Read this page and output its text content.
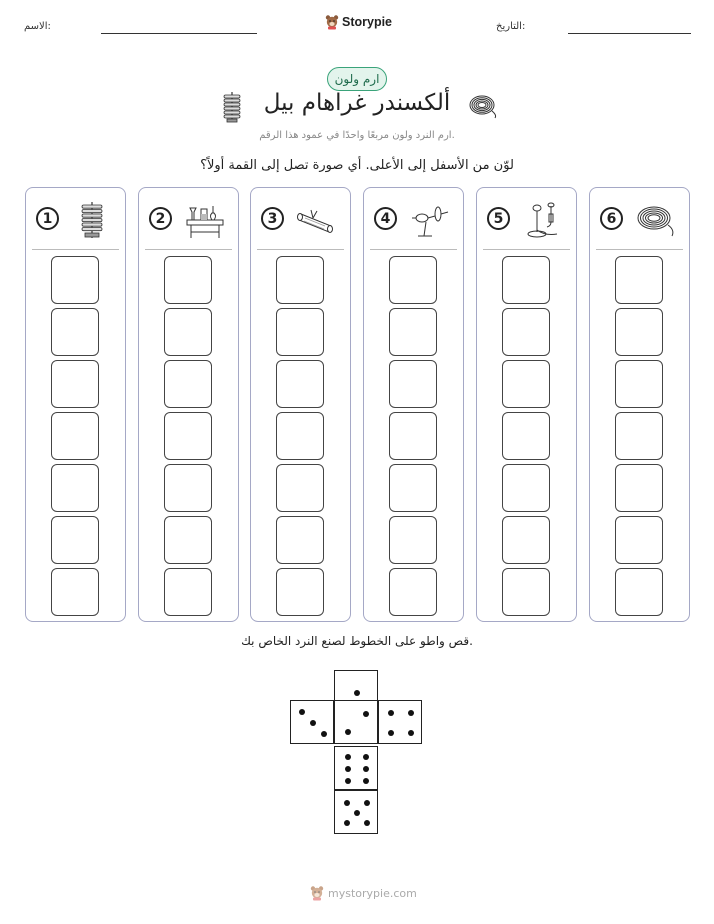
الاسم:	Storypie	التاريخ:
ارم ولون
ألكسندر غراهام بيل
ارم النرد ولون مربعًا واحدًا في عمود هذا الرقم.
لوّن من الأسفل إلى الأعلى. أي صورة تصل إلى القمة أولاً؟
1	2	3	4	5	6
قص واطو على الخطوط لصنع النرد الخاص بك.
mystorypie.com
